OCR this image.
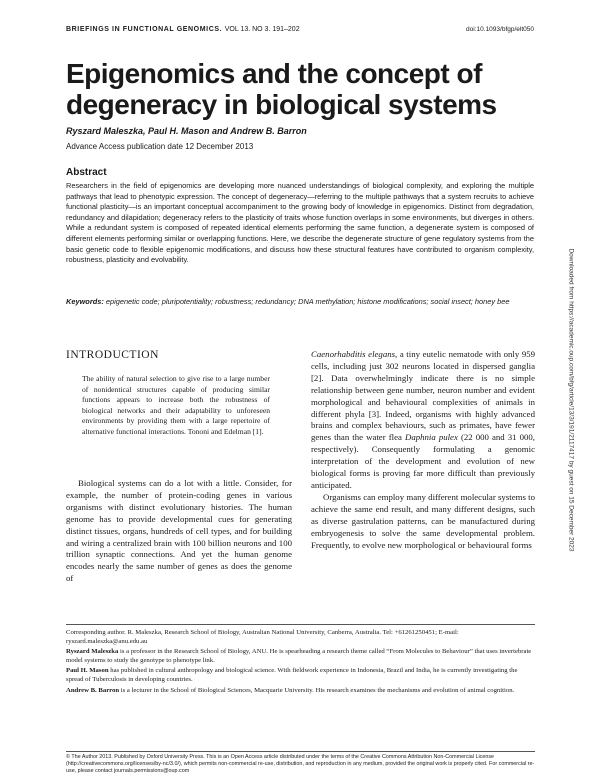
BRIEFINGS IN FUNCTIONAL GENOMICS. VOL 13. NO 3. 191–202	doi:10.1093/bfgp/elt050
Epigenomics and the concept of degeneracy in biological systems
Ryszard Maleszka, Paul H. Mason and Andrew B. Barron
Advance Access publication date 12 December 2013
Abstract
Researchers in the field of epigenomics are developing more nuanced understandings of biological complexity, and exploring the multiple pathways that lead to phenotypic expression. The concept of degeneracy—referring to the multiple pathways that a system recruits to achieve functional plasticity—is an important conceptual accompaniment to the growing body of knowledge in epigenomics. Distinct from degradation, redundancy and dilapidation; degeneracy refers to the plasticity of traits whose function overlaps in some environments, but diverges in others. While a redundant system is composed of repeated identical elements performing the same function, a degenerate system is composed of different elements performing similar or overlapping functions. Here, we describe the degenerate structure of gene regulatory systems from the basic genetic code to flexible epigenomic modifications, and discuss how these structural features have contributed to organism complexity, robustness, plasticity and evolvability.
Keywords: epigenetic code; pluripotentiality; robustness; redundancy; DNA methylation; histone modifications; social insect; honey bee
INTRODUCTION
The ability of natural selection to give rise to a large number of nonidentical structures capable of producing similar functions appears to increase both the robustness of biological networks and their adaptability to unforeseen environments by providing them with a large repertoire of alternative functional interactions. Tononi and Edelman [1].

Biological systems can do a lot with a little. Consider, for example, the number of protein-coding genes in various organisms with distinct evolutionary histories. The human genome has to provide developmental cues for generating distinct tissues, organs, hundreds of cell types, and for building and wiring a centralized brain with 100 billion neurons and 100 trillion synaptic connections. And yet the human genome encodes nearly the same number of genes as does the genome of

Caenorhabditis elegans, a tiny eutelic nematode with only 959 cells, including just 302 neurons located in dispersed ganglia [2]. Data overwhelmingly indicate there is no simple relationship between gene number, neuron number and evident morphological and behavioural complexities of animals in different phyla [3]. Indeed, organisms with highly advanced brains and complex behaviours, such as primates, have fewer genes than the water flea Daphnia pulex (22 000 and 31 000, respectively). Consequently formulating a genomic interpretation of the development and evolution of new biological forms is proving far more difficult than previously anticipated.

Organisms can employ many different molecular systems to achieve the same end result, and many different designs, such as diverse gastrulation patterns, can be manufactured during embryogenesis to solve the same developmental problem. Frequently, to evolve new morphological or behavioural forms

Corresponding author. R. Maleszka, Research School of Biology, Australian National University, Canberra, Australia. Tel: +61261250451; E-mail: ryszard.maleszka@anu.edu.au

Ryszard Maleszka is a professor in the Research School of Biology, ANU. He is spearheading a research theme called “From Molecules to Behaviour” that uses invertebrate model systems to study the genotype to phenotype link.

Paul H. Mason has published in cultural anthropology and biological science. With fieldwork experience in Indonesia, Brazil and India, he is currently investigating the spread of Tuberculosis in developing countries.

Andrew B. Barron is a lecturer in the School of Biological Sciences, Macquarie University. His research examines the mechanisms and evolution of animal cognition.

© The Author 2013. Published by Oxford University Press. This is an Open Access article distributed under the terms of the Creative Commons Attribution Non-Commercial License (http://creativecommons.org/licenses/by-nc/3.0/), which permits non-commercial re-use, distribution, and reproduction in any medium, provided the original work is properly cited. For commercial re-use, please contact journals.permissions@oup.com
Downloaded from https://academic.oup.com/bfg/article/13/3/191/2117417 by guest on 15 December 2023
